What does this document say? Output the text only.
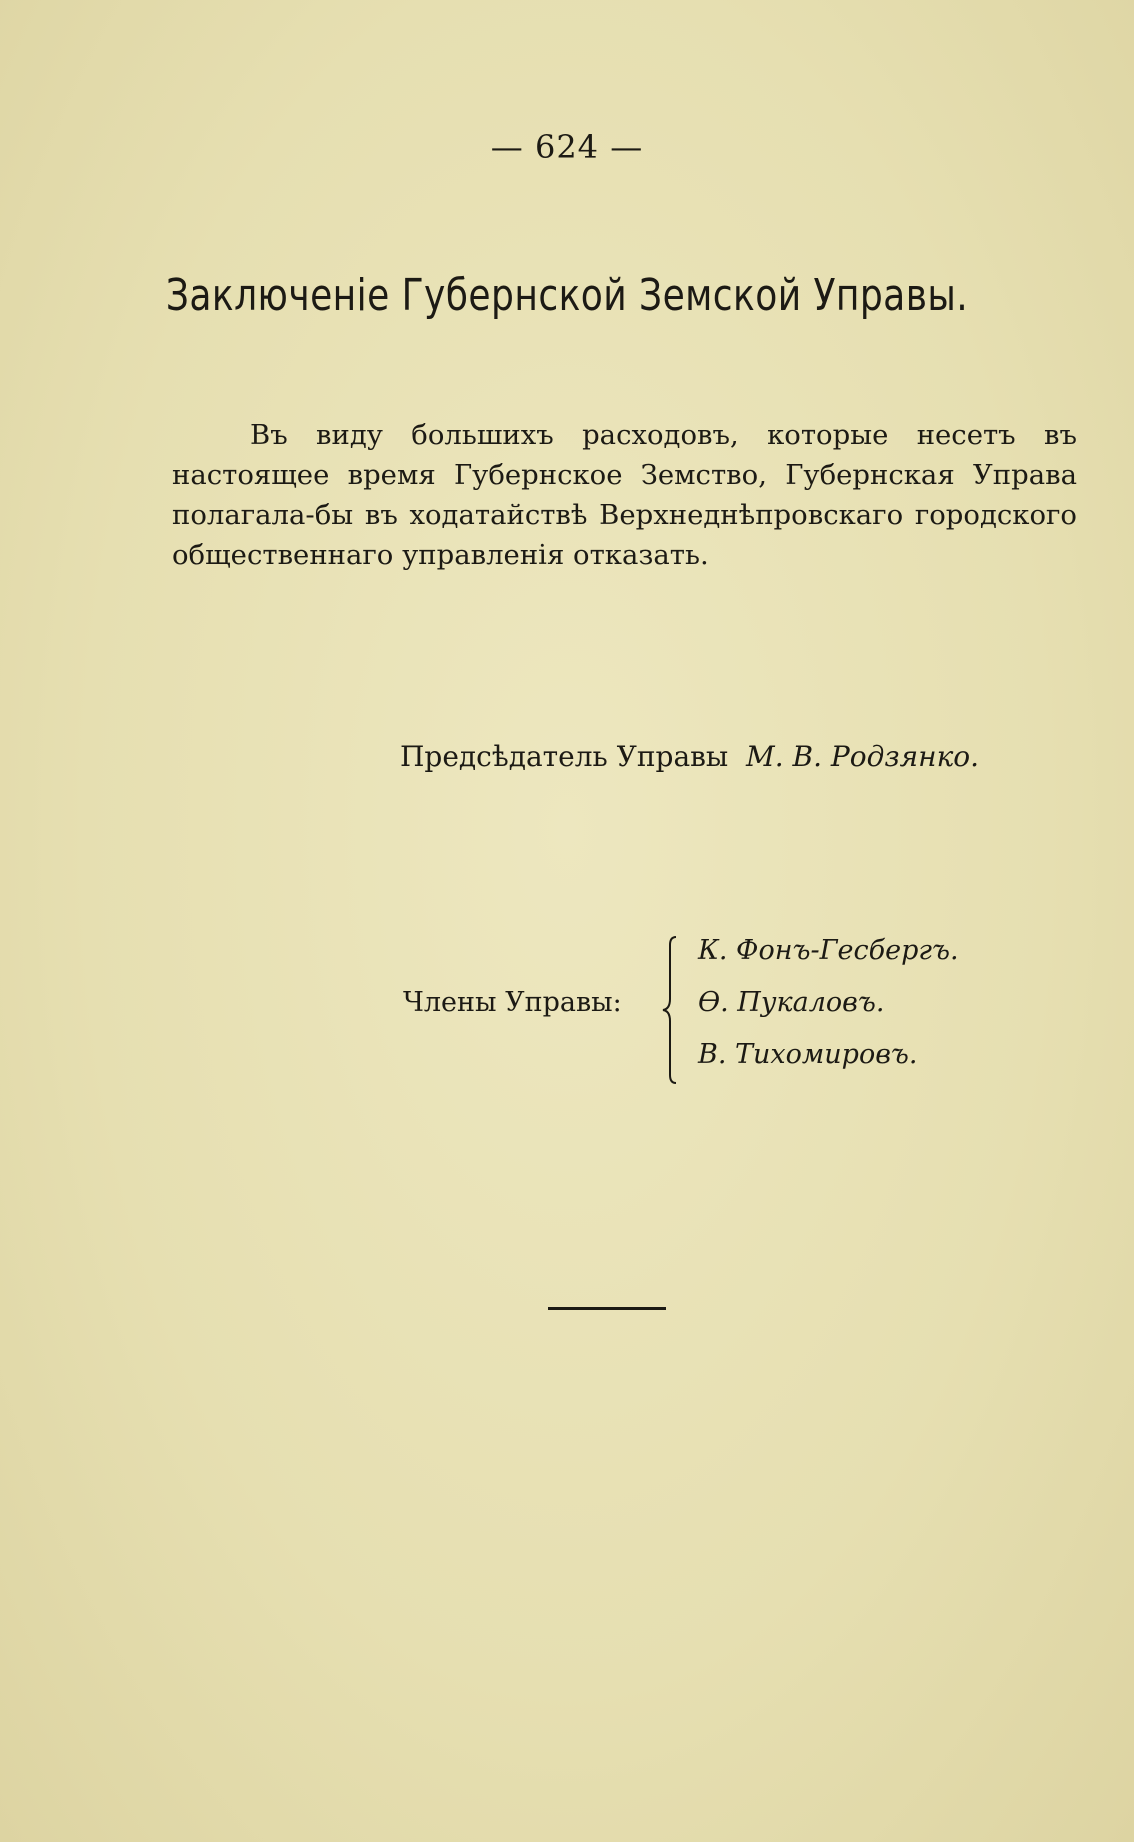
— 624 —
Заключенiе Губернской Земской Управы.

Въ виду большихъ расходовъ, которые несетъ въ настоящее время Губернское Земство, Губернская Управа полагала-бы въ ходатайствѣ Верхнеднѣпровскаго городского общественнаго управленiя отказать.

Предсѣдатель Управы М. В. Родзянко.
Члены Управы:
К. Фонъ-Гесбергъ.
Ѳ. Пукаловъ.
В. Тихомировъ.
